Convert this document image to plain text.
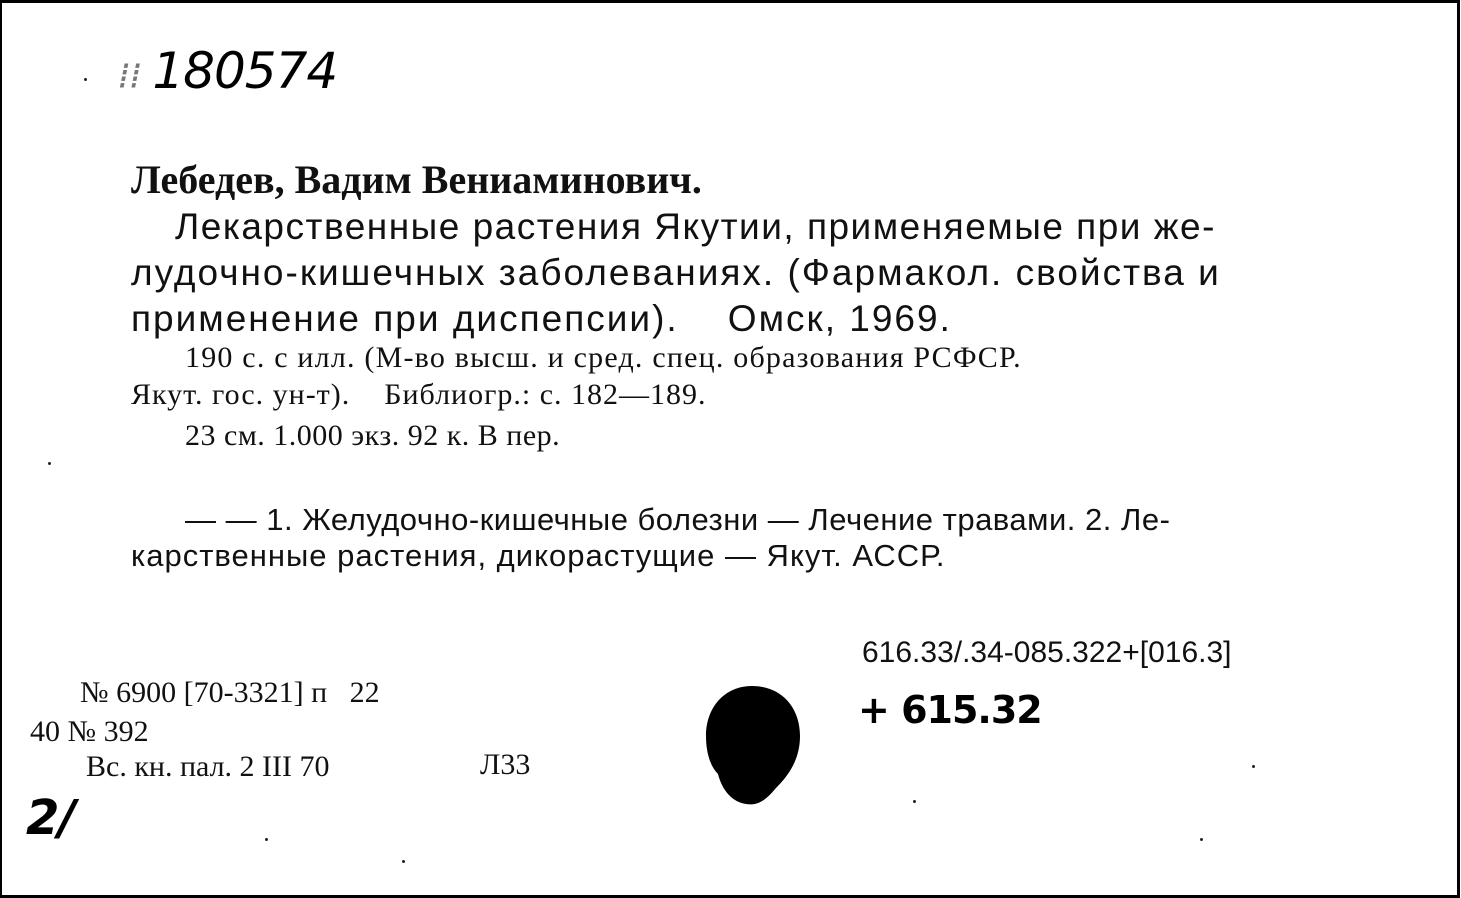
⁞⁞ 180574
Лебедев, Вадим Вениаминович.
Лекарственные растения Якутии, применяемые при же-
лудочно-кишечных заболеваниях. (Фармакол. свойства и
применение при диспепсии).    Омск, 1969.
190 с. с илл. (М-во высш. и сред. спец. образования РСФСР.
Якут. гос. ун-т).    Библиогр.: с. 182—189.
23 см. 1.000 экз. 92 к. В пер.
— — 1. Желудочно-кишечные болезни — Лечение травами. 2. Ле-
карственные растения, дикорастущие — Якут. АССР.
616.33/.34-085.322+[016.3]
+ 615.32
№ 6900 [70-3321] п   22
40 № 392
Вс. кн. пал. 2 III 70	Л33
2/
